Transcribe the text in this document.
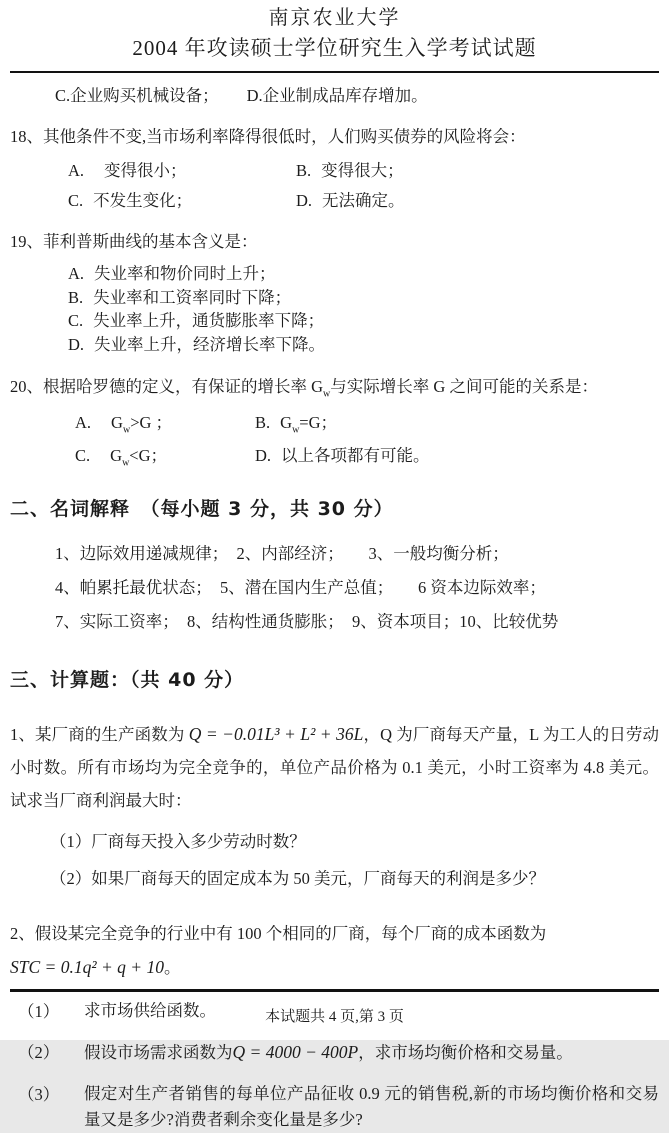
南京农业大学
2004 年攻读硕士学位研究生入学考试试题
C.企业购买机械设备； D.企业制成品库存增加。
18、其他条件不变,当市场利率降得很低时，人们购买债券的风险将会：
A. 变得很小；	B. 变得很大；
C. 不发生变化；	D. 无法确定。
19、菲利普斯曲线的基本含义是：
A. 失业率和物价同时上升；
B. 失业率和工资率同时下降；
C. 失业率上升，通货膨胀率下降；
D. 失业率上升，经济增长率下降。
20、根据哈罗德的定义，有保证的增长率 $G_w$与实际增长率 G 之间可能的关系是：
A. $G_w>G$ ；	B. $G_w=G$；
C. $G_w<G$；	D. 以上各项都有可能。
二、名词解释　（每小题 3 分，共 30 分）
1、边际效用递减规律；　2、内部经济；　　3、一般均衡分析；
4、帕累托最优状态；　5、潜在国内生产总值；　　6 资本边际效率；
7、实际工资率；　8、结构性通货膨胀；　9、资本项目；10、比较优势
三、计算题：（共 40 分）
1、某厂商的生产函数为 Q = −0.01L³ + L² + 36L，Q 为厂商每天产量，L 为工人的日劳动小时数。所有市场均为完全竞争的，单位产品价格为 0.1 美元，小时工资率为 4.8 美元。试求当厂商利润最大时：
（1）厂商每天投入多少劳动时数？
（2）如果厂商每天的固定成本为 50 美元，厂商每天的利润是多少？
2、假设某完全竞争的行业中有 100 个相同的厂商，每个厂商的成本函数为
STC = 0.1q² + q + 10。
（1）	求市场供给函数。
（2）	假设市场需求函数为Q = 4000 − 400P，求市场均衡价格和交易量。
（3）	假定对生产者销售的每单位产品征收 0.9 元的销售税,新的市场均衡价格和交易量又是多少?消费者剩余变化量是多少?
本试题共 4 页,第 3 页
